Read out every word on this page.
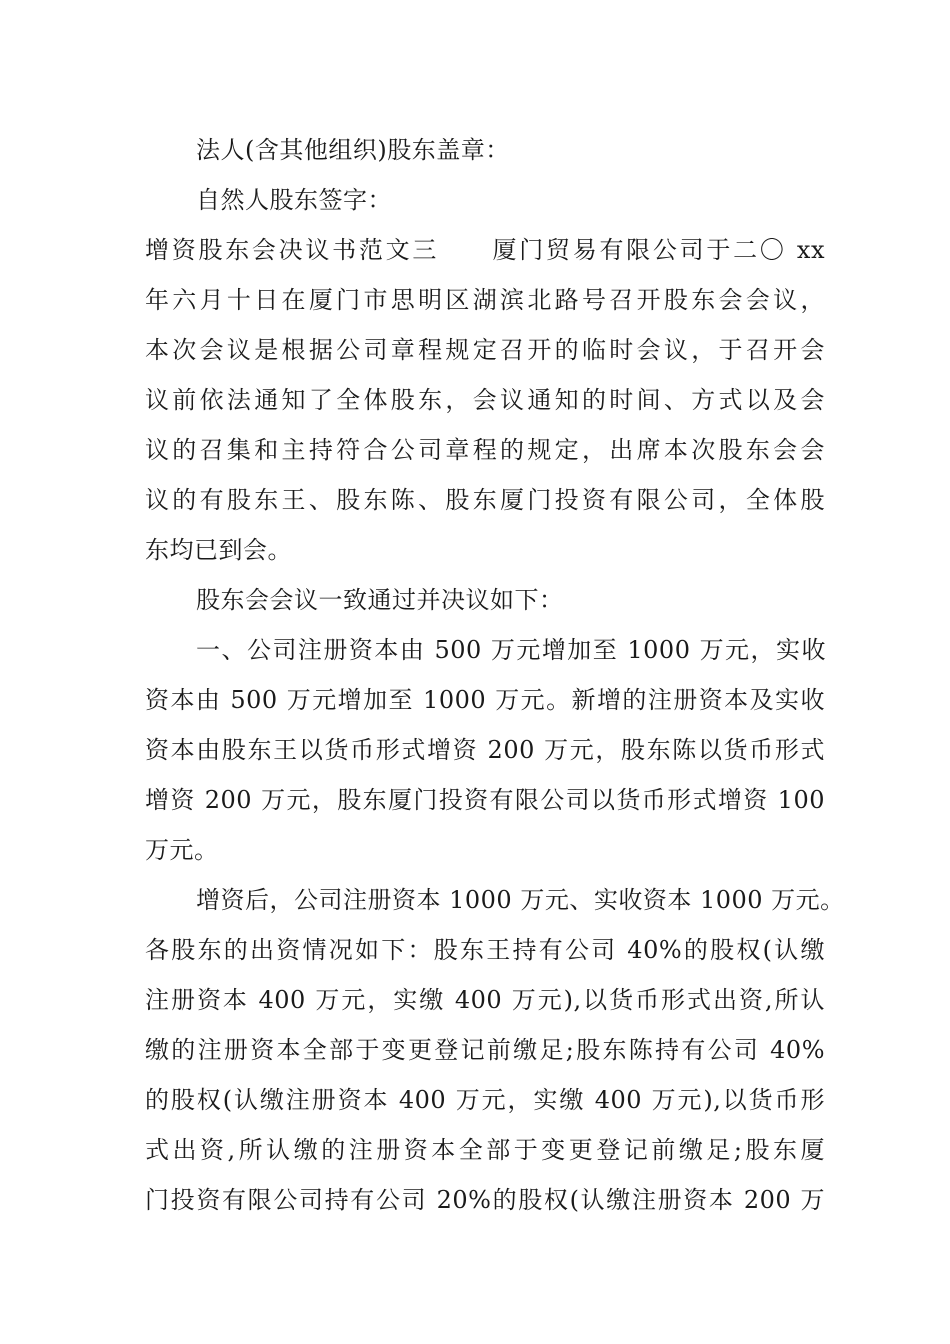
法人(含其他组织)股东盖章：
自然人股东签字：
增资股东会决议书范文三　　厦门贸易有限公司于二〇 xx
年六月十日在厦门市思明区湖滨北路号召开股东会会议，
本次会议是根据公司章程规定召开的临时会议，于召开会
议前依法通知了全体股东，会议通知的时间、方式以及会
议的召集和主持符合公司章程的规定，出席本次股东会会
议的有股东王、股东陈、股东厦门投资有限公司，全体股
东均已到会。
股东会会议一致通过并决议如下：
一、公司注册资本由 500 万元增加至 1000 万元，实收
资本由 500 万元增加至 1000 万元。新增的注册资本及实收
资本由股东王以货币形式增资 200 万元，股东陈以货币形式
增资 200 万元，股东厦门投资有限公司以货币形式增资 100
万元。
增资后，公司注册资本 1000 万元、实收资本 1000 万元。
各股东的出资情况如下：股东王持有公司 40%的股权(认缴
注册资本 400 万元，实缴 400 万元),以货币形式出资,所认
缴的注册资本全部于变更登记前缴足;股东陈持有公司 40%
的股权(认缴注册资本 400 万元，实缴 400 万元),以货币形
式出资,所认缴的注册资本全部于变更登记前缴足;股东厦
门投资有限公司持有公司 20%的股权(认缴注册资本 200 万
